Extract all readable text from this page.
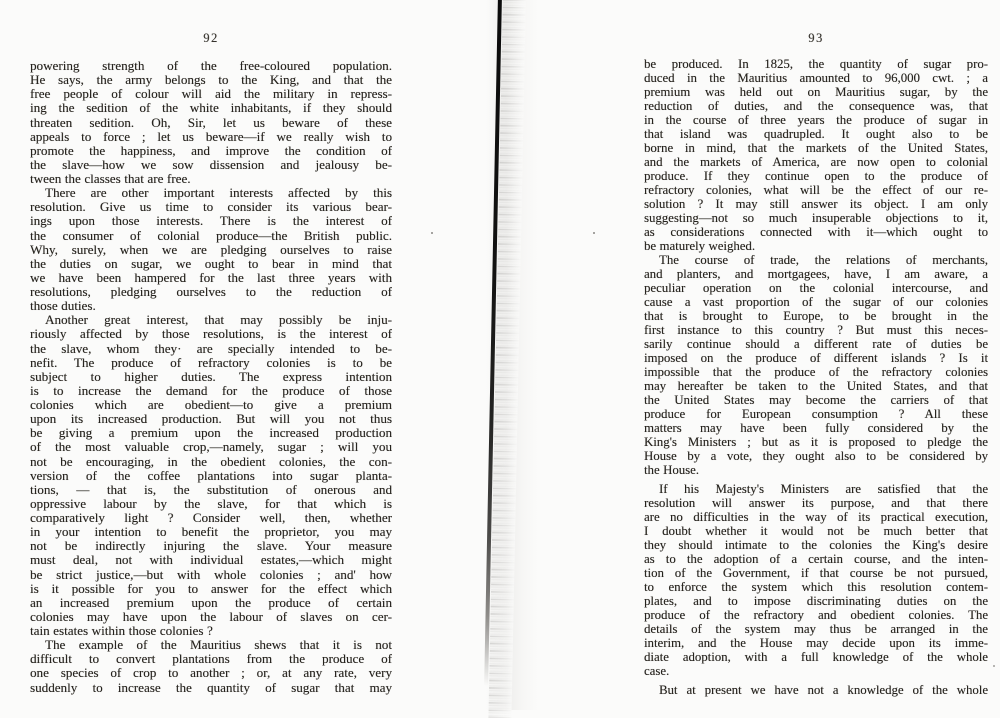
92
powering strength of the free-coloured population.
He says, the army belongs to the King, and that the
free people of colour will aid the military in repress-
ing the sedition of the white inhabitants, if they should
threaten sedition. Oh, Sir, let us beware of these
appeals to force ; let us beware—if we really wish to
promote the happiness, and improve the condition of
the slave—how we sow dissension and jealousy be-
tween the classes that are free.
There are other important interests affected by this
resolution. Give us time to consider its various bear-
ings upon those interests. There is the interest of
the consumer of colonial produce—the British public.
Why, surely, when we are pledging ourselves to raise
the duties on sugar, we ought to bear in mind that
we have been hampered for the last three years with
resolutions, pledging ourselves to the reduction of
those duties.
Another great interest, that may possibly be inju-
riously affected by those resolutions, is the interest of
the slave, whom they· are specially intended to be-
nefit. The produce of refractory colonies is to be
subject to higher duties. The express intention
is to increase the demand for the produce of those
colonies which are obedient—to give a premium
upon its increased production. But will you not thus
be giving a premium upon the increased production
of the most valuable crop,—namely, sugar ; will you
not be encouraging, in the obedient colonies, the con-
version of the coffee plantations into sugar planta-
tions, — that is, the substitution of onerous and
oppressive labour by the slave, for that which is
comparatively light ? Consider well, then, whether
in your intention to benefit the proprietor, you may
not be indirectly injuring the slave. Your measure
must deal, not with individual estates,—which might
be strict justice,—but with whole colonies ; and' how
is it possible for you to answer for the effect which
an increased premium upon the produce of certain
colonies may have upon the labour of slaves on cer-
tain estates within those colonies ?
The example of the Mauritius shews that it is not
difficult to convert plantations from the produce of
one species of crop to another ; or, at any rate, very
suddenly to increase the quantity of sugar that may
93
be produced. In 1825, the quantity of sugar pro-
duced in the Mauritius amounted to 96,000 cwt. ; a
premium was held out on Mauritius sugar, by the
reduction of duties, and the consequence was, that
in the course of three years the produce of sugar in
that island was quadrupled. It ought also to be
borne in mind, that the markets of the United States,
and the markets of America, are now open to colonial
produce. If they continue open to the produce of
refractory colonies, what will be the effect of our re-
solution ? It may still answer its object. I am only
suggesting—not so much insuperable objections to it,
as considerations connected with it—which ought to
be maturely weighed.
The course of trade, the relations of merchants,
and planters, and mortgagees, have, I am aware, a
peculiar operation on the colonial intercourse, and
cause a vast proportion of the sugar of our colonies
that is brought to Europe, to be brought in the
first instance to this country ? But must this neces-
sarily continue should a different rate of duties be
imposed on the produce of different islands ? Is it
impossible that the produce of the refractory colonies
may hereafter be taken to the United States, and that
the United States may become the carriers of that
produce for European consumption ? All these
matters may have been fully considered by the
King's Ministers ; but as it is proposed to pledge the
House by a vote, they ought also to be considered by
the House.
If his Majesty's Ministers are satisfied that the
resolution will answer its purpose, and that there
are no difficulties in the way of its practical execution,
I doubt whether it would not be much better that
they should intimate to the colonies the King's desire
as to the adoption of a certain course, and the inten-
tion of the Government, if that course be not pursued,
to enforce the system which this resolution contem-
plates, and to impose discriminating duties on the
produce of the refractory and obedient colonies. The
details of the system may thus be arranged in the
interim, and the House may decide upon its imme-
diate adoption, with a full knowledge of the whole
case.
But at present we have not a knowledge of the whole
